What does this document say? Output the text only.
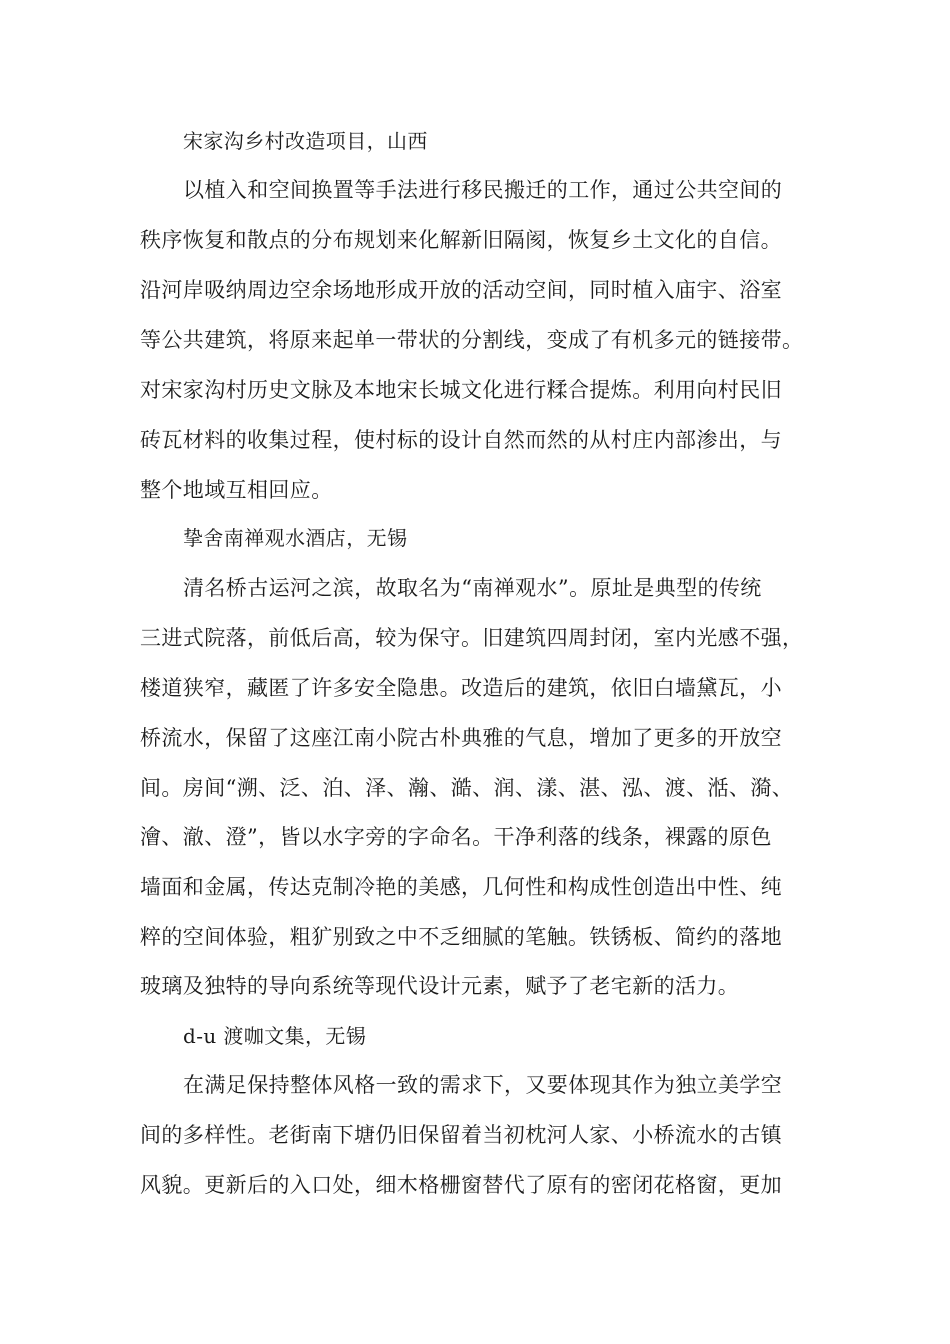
宋家沟乡村改造项目，山西

以植入和空间换置等手法进行移民搬迁的工作，通过公共空间的

秩序恢复和散点的分布规划来化解新旧隔阂，恢复乡土文化的自信。

沿河岸吸纳周边空余场地形成开放的活动空间，同时植入庙宇、浴室

等公共建筑，将原来起单一带状的分割线，变成了有机多元的链接带。

对宋家沟村历史文脉及本地宋长城文化进行糅合提炼。利用向村民旧

砖瓦材料的收集过程，使村标的设计自然而然的从村庄内部渗出，与

整个地域互相回应。

挚舍南禅观水酒店，无锡

清名桥古运河之滨，故取名为“南禅观水”。原址是典型的传统

三进式院落，前低后高，较为保守。旧建筑四周封闭，室内光感不强，

楼道狭窄，藏匿了许多安全隐患。改造后的建筑，依旧白墙黛瓦，小

桥流水，保留了这座江南小院古朴典雅的气息，增加了更多的开放空

间。房间“溯、泛、泊、泽、瀚、澔、润、漾、湛、泓、渡、湉、漪、

澮、澈、澄”，皆以水字旁的字命名。干净利落的线条，裸露的原色

墙面和金属，传达克制冷艳的美感，几何性和构成性创造出中性、纯

粹的空间体验，粗犷别致之中不乏细腻的笔触。铁锈板、简约的落地

玻璃及独特的导向系统等现代设计元素，赋予了老宅新的活力。

d-u 渡咖文集，无锡

在满足保持整体风格一致的需求下，又要体现其作为独立美学空

间的多样性。老街南下塘仍旧保留着当初枕河人家、小桥流水的古镇

风貌。更新后的入口处，细木格栅窗替代了原有的密闭花格窗，更加
